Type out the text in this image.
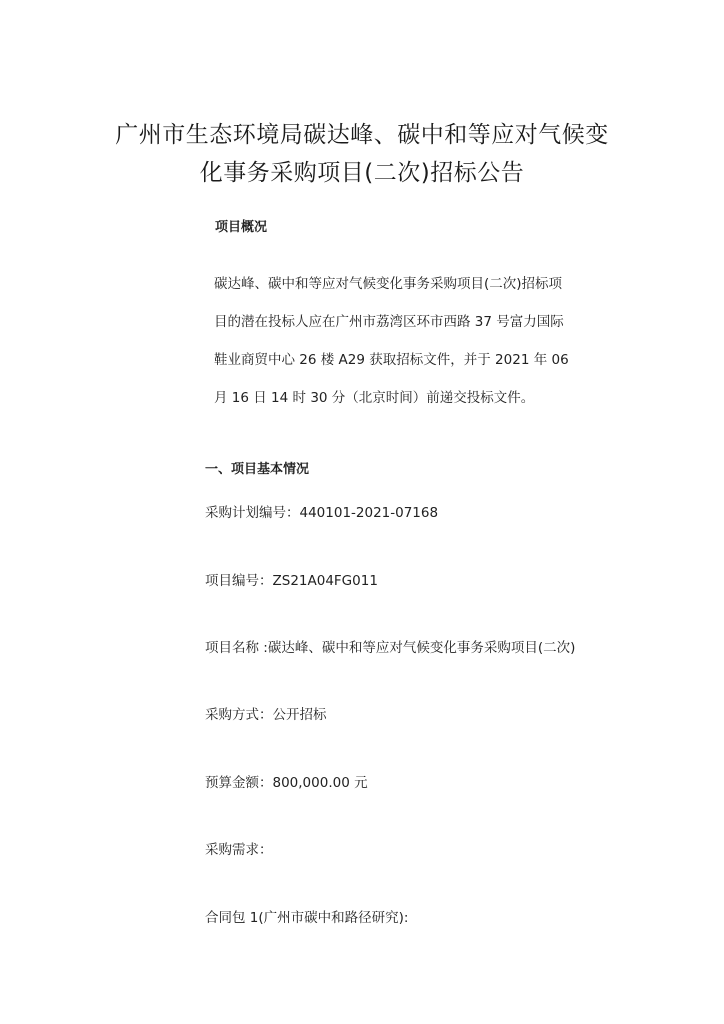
广州市生态环境局碳达峰、碳中和等应对气候变
化事务采购项目(二次)招标公告
项目概况
碳达峰、碳中和等应对气候变化事务采购项目(二次)招标项
目的潜在投标人应在广州市荔湾区环市西路 37 号富力国际
鞋业商贸中心 26 楼 A29 获取招标文件，并于 2021 年 06
月 16 日 14 时 30 分（北京时间）前递交投标文件。
一、项目基本情况
采购计划编号：440101-2021-07168
项目编号：ZS21A04FG011
项目名称 :碳达峰、碳中和等应对气候变化事务采购项目(二次)
采购方式：公开招标
预算金额：800,000.00 元
采购需求：
合同包 1(广州市碳中和路径研究):
